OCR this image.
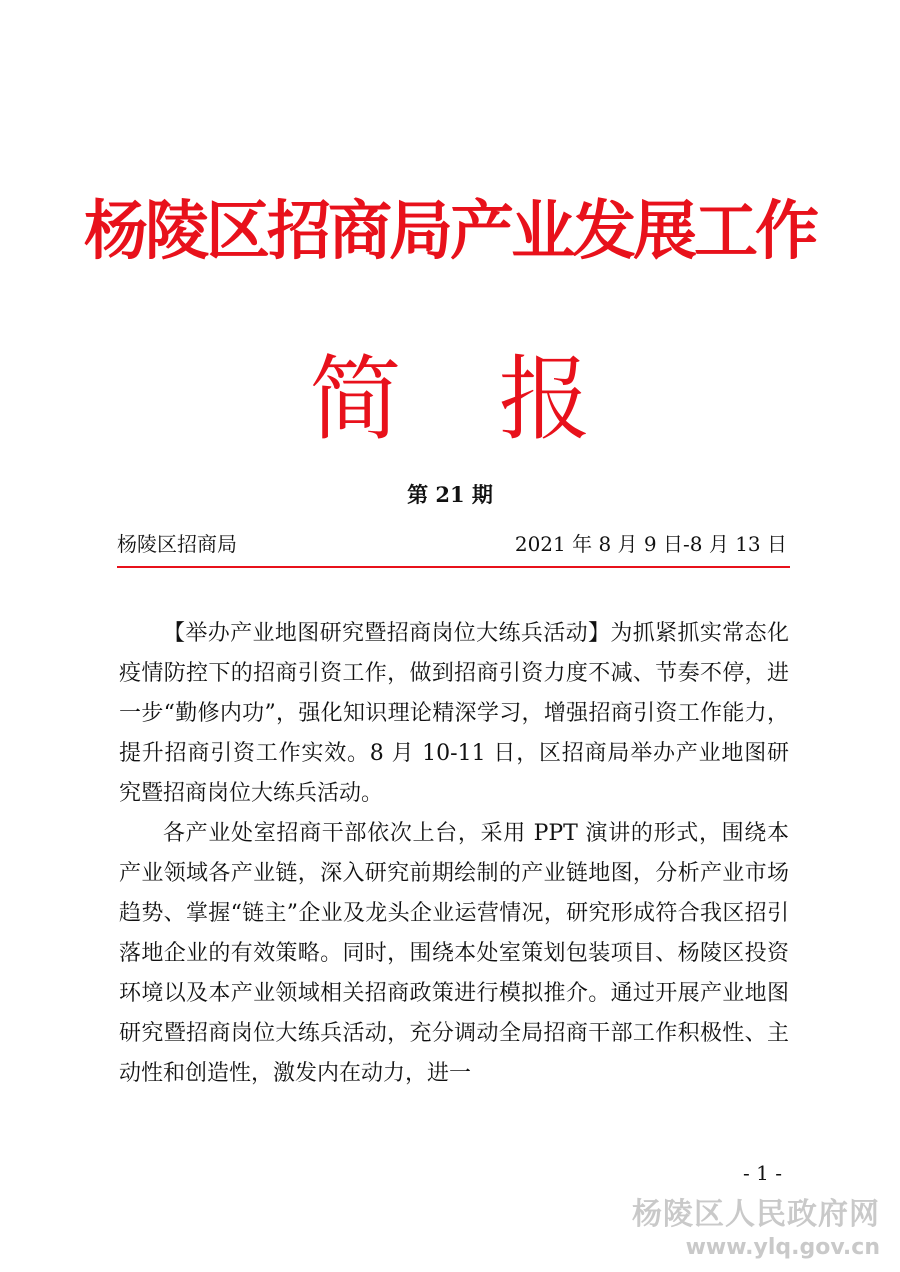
杨陵区招商局产业发展工作
简 报
第 21 期
杨陵区招商局	2021 年 8 月 9 日-8 月 13 日

【举办产业地图研究暨招商岗位大练兵活动】为抓紧抓实常态化疫情防控下的招商引资工作，做到招商引资力度不减、节奏不停，进一步“勤修内功”，强化知识理论精深学习，增强招商引资工作能力，提升招商引资工作实效。8 月 10-11 日，区招商局举办产业地图研究暨招商岗位大练兵活动。

各产业处室招商干部依次上台，采用 PPT 演讲的形式，围绕本产业领域各产业链，深入研究前期绘制的产业链地图，分析产业市场趋势、掌握“链主”企业及龙头企业运营情况，研究形成符合我区招引落地企业的有效策略。同时，围绕本处室策划包装项目、杨陵区投资环境以及本产业领域相关招商政策进行模拟推介。通过开展产业地图研究暨招商岗位大练兵活动，充分调动全局招商干部工作积极性、主动性和创造性，激发内在动力，进一

- 1 -
杨陵区人民政府网
www.ylq.gov.cn
